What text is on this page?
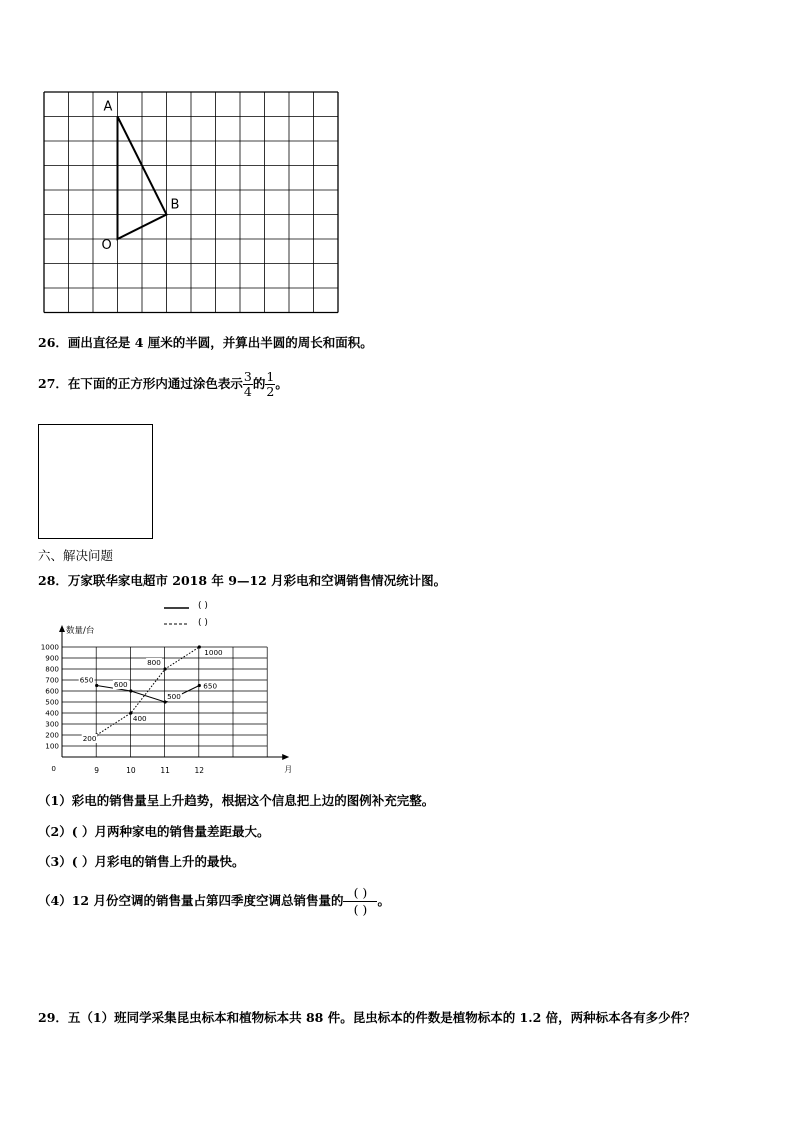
A
B
O
26．画出直径是 4 厘米的半圆，并算出半圆的周长和面积。
27．在下面的正方形内通过涂色表示 $\frac{3}{4}$ 的 $\frac{1}{2}$ 。
六、解决问题
28．万家联华家电超市 2018 年 9—12 月彩电和空调销售情况统计图。
( )
( )
0
100
200
300
400
500
600
700
800
900
1000
数量/台
月
9	10	11	12
650	600
500
650
200
400
800
1000
（1）彩电的销售量呈上升趋势，根据这个信息把上边的图例补充完整。
（2）( ）月两种家电的销售量差距最大。
（3）( ）月彩电的销售上升的最快。
（4）12 月份空调的销售量占第四季度空调总销售量的
( )
( )
。
29．五（1）班同学采集昆虫标本和植物标本共 88 件。昆虫标本的件数是植物标本的 1.2 倍，两种标本各有多少件？
